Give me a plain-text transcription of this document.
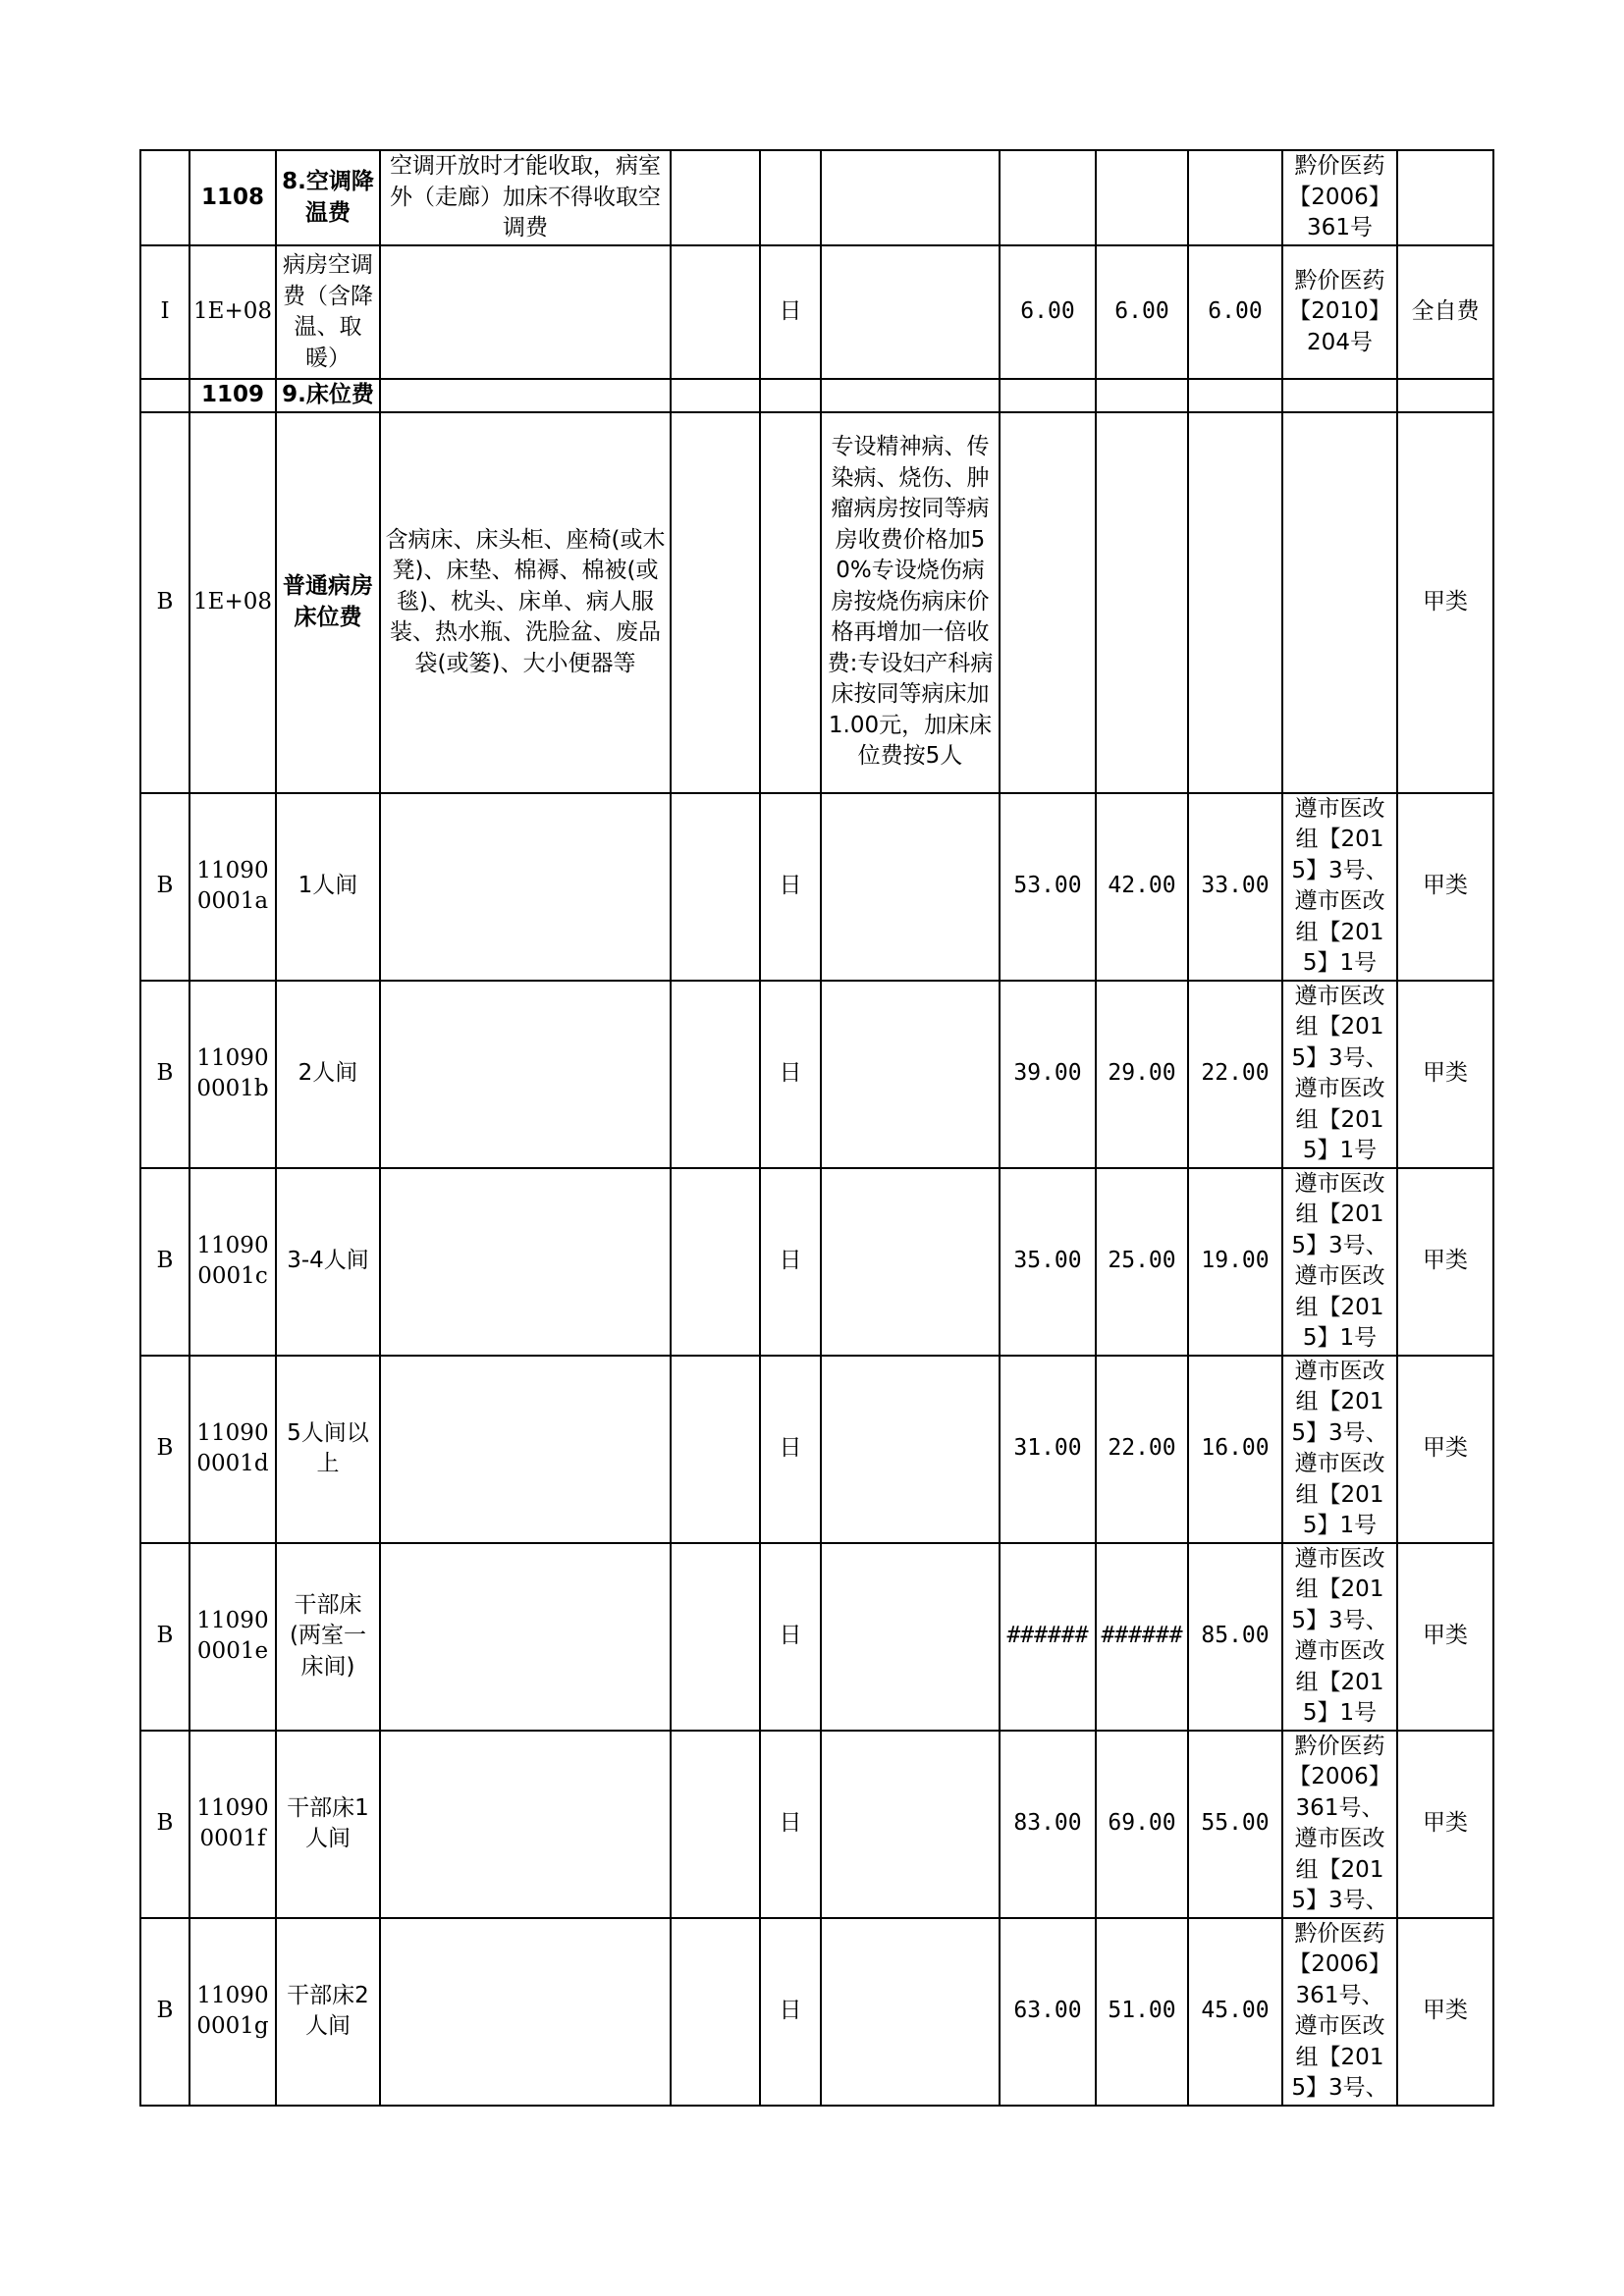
	1108	8.空调降温费	空调开放时才能收取，病室外（走廊）加床不得收取空调费							黔价医药【2006】361号	
I	1E+08	病房空调费（含降温、取暖）			日		6.00	6.00	6.00	黔价医药【2010】204号	全自费
	1109	9.床位费									
B	1E+08	普通病房床位费	含病床、床头柜、座椅(或木凳)、床垫、棉褥、棉被(或毯)、枕头、床单、病人服装、热水瓶、洗脸盆、废品袋(或篓)、大小便器等			专设精神病、传染病、烧伤、肿瘤病房按同等病房收费价格加50%专设烧伤病房按烧伤病床价格再增加一倍收费:专设妇产科病床按同等病床加1.00元，加床床位费按5人					甲类
B	110900001a	1人间			日		53.00	42.00	33.00	遵市医改组【2015】3号、遵市医改组【2015】1号	甲类
B	110900001b	2人间			日		39.00	29.00	22.00	遵市医改组【2015】3号、遵市医改组【2015】1号	甲类
B	110900001c	3-4人间			日		35.00	25.00	19.00	遵市医改组【2015】3号、遵市医改组【2015】1号	甲类
B	110900001d	5人间以上			日		31.00	22.00	16.00	遵市医改组【2015】3号、遵市医改组【2015】1号	甲类
B	110900001e	干部床(两室一床间)			日		######	######	85.00	遵市医改组【2015】3号、遵市医改组【2015】1号	甲类
B	110900001f	干部床1人间			日		83.00	69.00	55.00	黔价医药【2006】361号、遵市医改组【2015】3号、	甲类
B	110900001g	干部床2人间			日		63.00	51.00	45.00	黔价医药【2006】361号、遵市医改组【2015】3号、	甲类
